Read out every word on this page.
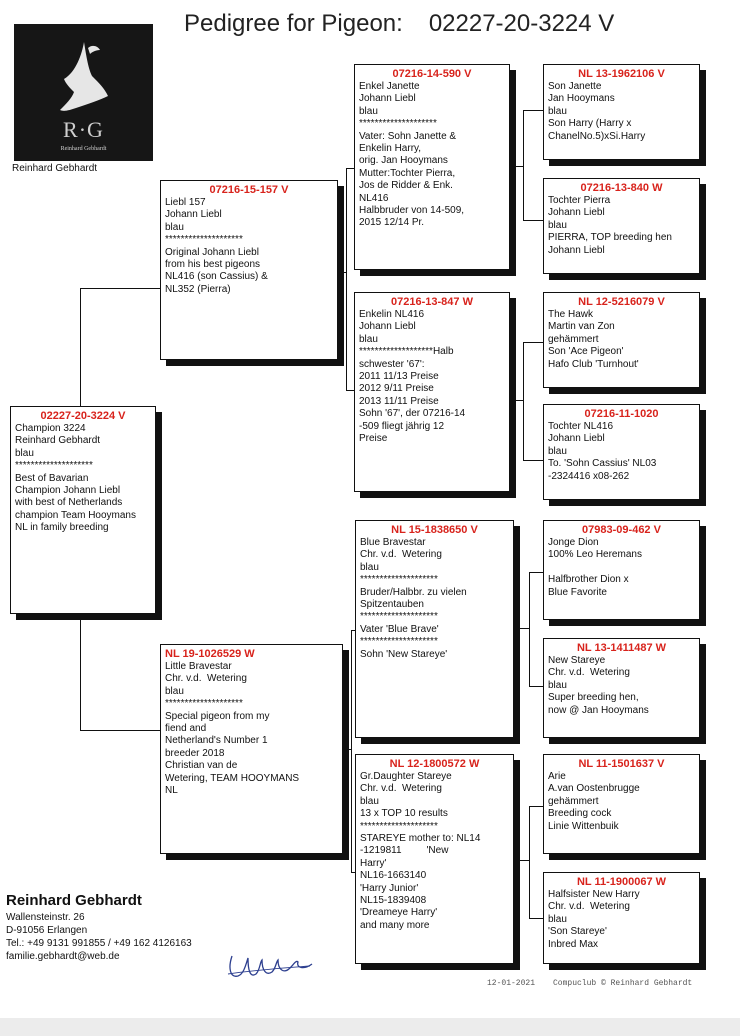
Pedigree for Pigeon: 02227-20-3224 V
R·G
Reinhard Gebhardt
Reinhard Gebhardt
02227-20-3224 V
Champion 3224
Reinhard Gebhardt
blau
********************
Best of Bavarian
Champion Johann Liebl
with best of Netherlands
champion Team Hooymans
NL in family breeding
07216-15-157 V
Liebl 157
Johann Liebl
blau
********************
Original Johann Liebl
from his best pigeons
NL416 (son Cassius) &
NL352 (Pierra)
NL 19-1026529 W
Little Bravestar
Chr. v.d.  Wetering
blau
********************
Special pigeon from my
fiend and
Netherland's Number 1
breeder 2018
Christian van de
Wetering, TEAM HOOYMANS
NL
07216-14-590 V
Enkel Janette
Johann Liebl
blau
********************
Vater: Sohn Janette &
Enkelin Harry,
orig. Jan Hooymans
Mutter:Tochter Pierra,
Jos de Ridder & Enk.
NL416
Halbbruder von 14-509,
2015 12/14 Pr.
07216-13-847 W
Enkelin NL416
Johann Liebl
blau
*******************Halb
schwester '67':
2011 11/13 Preise
2012 9/11 Preise
2013 11/11 Preise
Sohn '67', der 07216-14
-509 fliegt jährig 12
Preise
NL 15-1838650 V
Blue Bravestar
Chr. v.d.  Wetering
blau
********************
Bruder/Halbbr. zu vielen
Spitzentauben
********************
Vater 'Blue Brave'
********************
Sohn 'New Stareye'
NL 12-1800572 W
Gr.Daughter Stareye
Chr. v.d.  Wetering
blau
13 x TOP 10 results
********************
STAREYE mother to: NL14
-1219811         'New
Harry'
NL16-1663140
'Harry Junior'
NL15-1839408
'Dreameye Harry'
and many more
NL 13-1962106 V
Son Janette
Jan Hooymans
blau
Son Harry (Harry x
ChanelNo.5)xSi.Harry
07216-13-840 W
Tochter Pierra
Johann Liebl
blau
PIERRA, TOP breeding hen
Johann Liebl
NL 12-5216079 V
The Hawk
Martin van Zon
gehämmert
Son 'Ace Pigeon'
Hafo Club 'Turnhout'
07216-11-1020
Tochter NL416
Johann Liebl
blau
To. 'Sohn Cassius' NL03
-2324416 x08-262
07983-09-462 V
Jonge Dion
100% Leo Heremans

Halfbrother Dion x
Blue Favorite
NL 13-1411487 W
New Stareye
Chr. v.d.  Wetering
blau
Super breeding hen,
now @ Jan Hooymans
NL 11-1501637 V
Arie
A.van Oostenbrugge
gehämmert
Breeding cock
Linie Wittenbuik
NL 11-1900067 W
Halfsister New Harry
Chr. v.d.  Wetering
blau
'Son Stareye'
Inbred Max
Reinhard Gebhardt
Wallensteinstr. 26
D-91056 Erlangen
Tel.: +49 9131 991855 / +49 162 4126163
familie.gebhardt@web.de
12-01-2021 Compuclub © Reinhard Gebhardt
